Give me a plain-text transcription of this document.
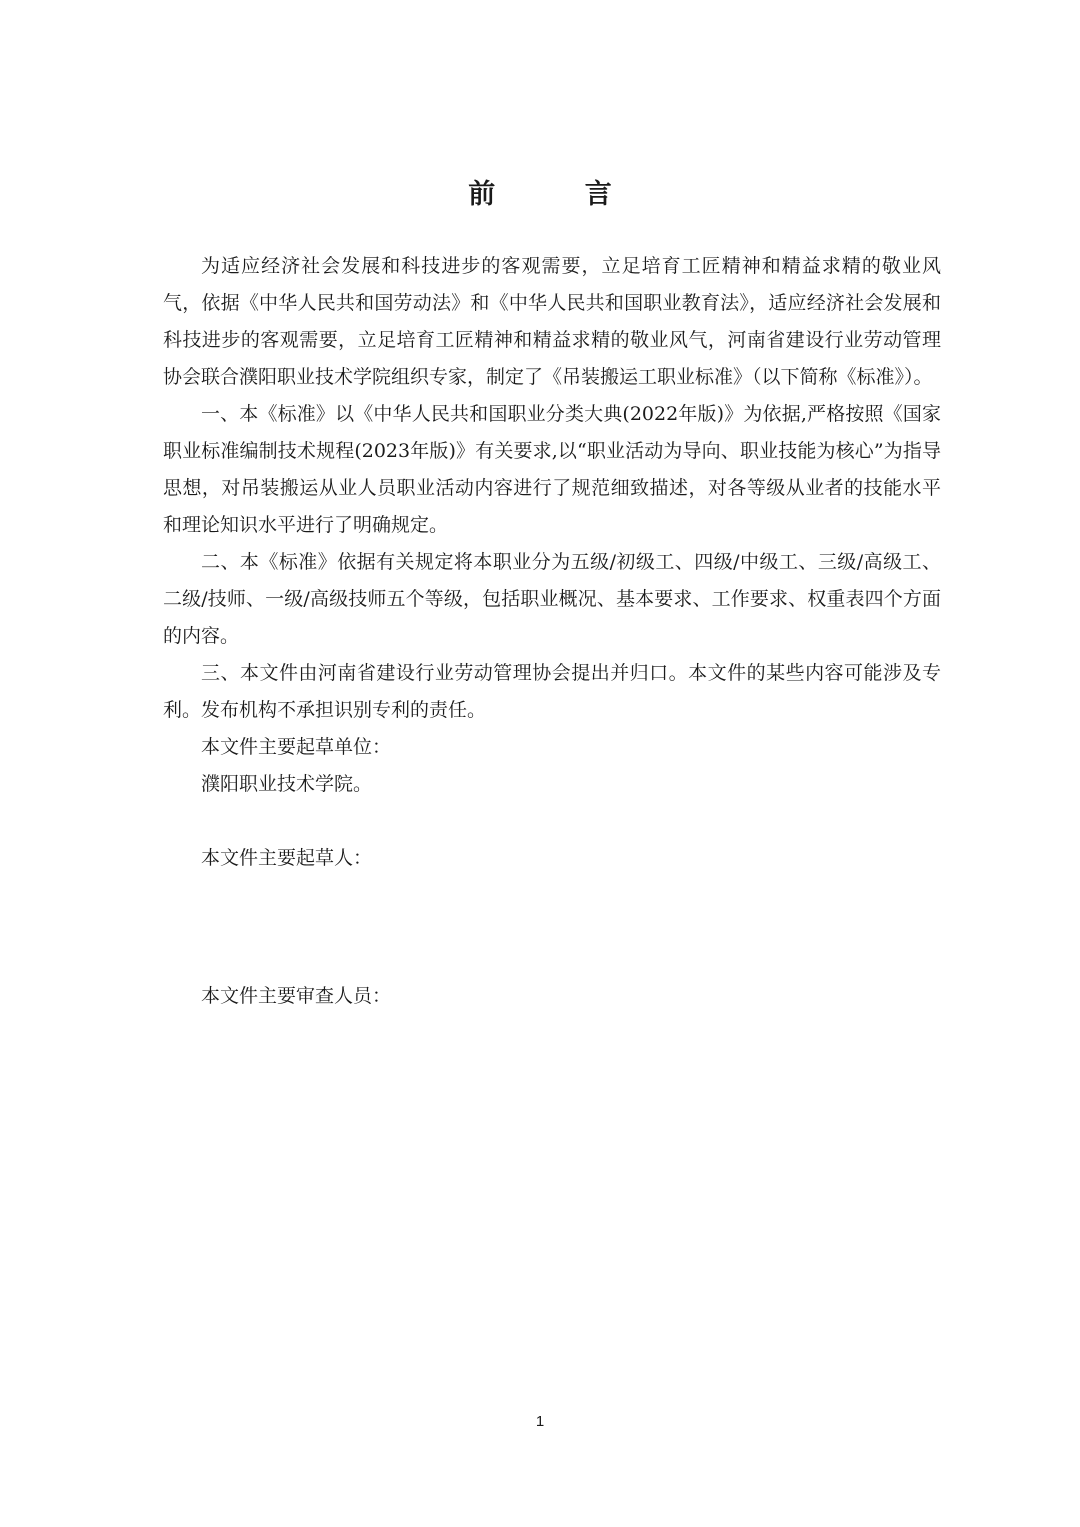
前 言

为适应经济社会发展和科技进步的客观需要，立足培育工匠精神和精益求精的敬业风气，依据《中华人民共和国劳动法》和《中华人民共和国职业教育法》，适应经济社会发展和科技进步的客观需要，立足培育工匠精神和精益求精的敬业风气，河南省建设行业劳动管理协会联合濮阳职业技术学院组织专家，制定了《吊装搬运工职业标准》（以下简称《标准》）。

一、本《标准》以《中华人民共和国职业分类大典(2022年版)》为依据,严格按照《国家职业标准编制技术规程(2023年版)》有关要求,以“职业活动为导向、职业技能为核心”为指导思想，对吊装搬运从业人员职业活动内容进行了规范细致描述，对各等级从业者的技能水平和理论知识水平进行了明确规定。

二、本《标准》依据有关规定将本职业分为五级/初级工、四级/中级工、三级/高级工、二级/技师、一级/高级技师五个等级，包括职业概况、基本要求、工作要求、权重表四个方面的内容。

三、本文件由河南省建设行业劳动管理协会提出并归口。本文件的某些内容可能涉及专利。发布机构不承担识别专利的责任。

本文件主要起草单位：

濮阳职业技术学院。

本文件主要起草人：

本文件主要审查人员：

1
